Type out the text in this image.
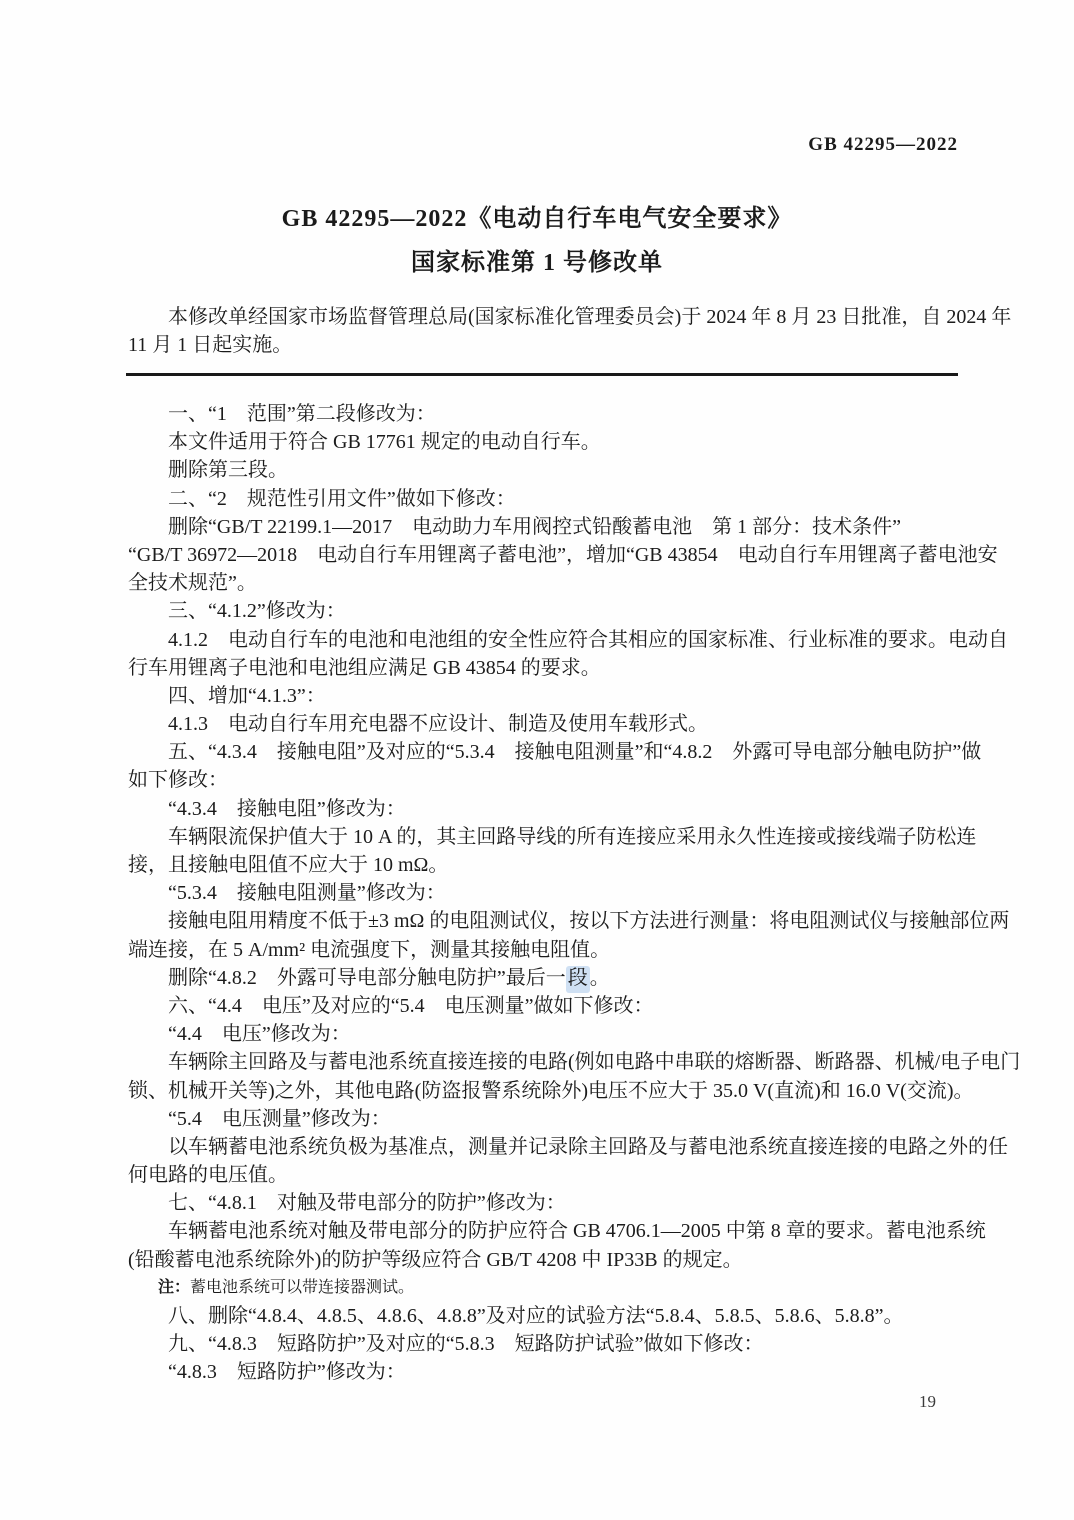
GB 42295—2022
GB 42295—2022《电动自行车电气安全要求》
国家标准第 1 号修改单
本修改单经国家市场监督管理总局(国家标准化管理委员会)于 2024 年 8 月 23 日批准，自 2024 年
11 月 1 日起实施。
一、“1　范围”第二段修改为：
本文件适用于符合 GB 17761 规定的电动自行车。
删除第三段。
二、“2　规范性引用文件”做如下修改：
删除“GB/T 22199.1—2017　电动助力车用阀控式铅酸蓄电池　第 1 部分：技术条件”
“GB/T 36972—2018　电动自行车用锂离子蓄电池”，增加“GB 43854　电动自行车用锂离子蓄电池安
全技术规范”。
三、“4.1.2”修改为：
4.1.2　电动自行车的电池和电池组的安全性应符合其相应的国家标准、行业标准的要求。电动自
行车用锂离子电池和电池组应满足 GB 43854 的要求。
四、增加“4.1.3”：
4.1.3　电动自行车用充电器不应设计、制造及使用车载形式。
五、“4.3.4　接触电阻”及对应的“5.3.4　接触电阻测量”和“4.8.2　外露可导电部分触电防护”做
如下修改：
“4.3.4　接触电阻”修改为：
车辆限流保护值大于 10 A 的，其主回路导线的所有连接应采用永久性连接或接线端子防松连
接，且接触电阻值不应大于 10 mΩ。
“5.3.4　接触电阻测量”修改为：
接触电阻用精度不低于±3 mΩ 的电阻测试仪，按以下方法进行测量：将电阻测试仪与接触部位两
端连接，在 5 A/mm² 电流强度下，测量其接触电阻值。
删除“4.8.2　外露可导电部分触电防护”最后一 段 。
六、“4.4　电压”及对应的“5.4　电压测量”做如下修改：
“4.4　电压”修改为：
车辆除主回路及与蓄电池系统直接连接的电路(例如电路中串联的熔断器、断路器、机械/电子电门
锁、机械开关等)之外，其他电路(防盗报警系统除外)电压不应大于 35.0 V(直流)和 16.0 V(交流)。
“5.4　电压测量”修改为：
以车辆蓄电池系统负极为基准点，测量并记录除主回路及与蓄电池系统直接连接的电路之外的任
何电路的电压值。
七、“4.8.1　对触及带电部分的防护”修改为：
车辆蓄电池系统对触及带电部分的防护应符合 GB 4706.1—2005 中第 8 章的要求。蓄电池系统
(铅酸蓄电池系统除外)的防护等级应符合 GB/T 4208 中 IP33B 的规定。
注：蓄电池系统可以带连接器测试。
八、删除“4.8.4、4.8.5、4.8.6、4.8.8”及对应的试验方法“5.8.4、5.8.5、5.8.6、5.8.8”。
九、“4.8.3　短路防护”及对应的“5.8.3　短路防护试验”做如下修改：
“4.8.3　短路防护”修改为：
19
